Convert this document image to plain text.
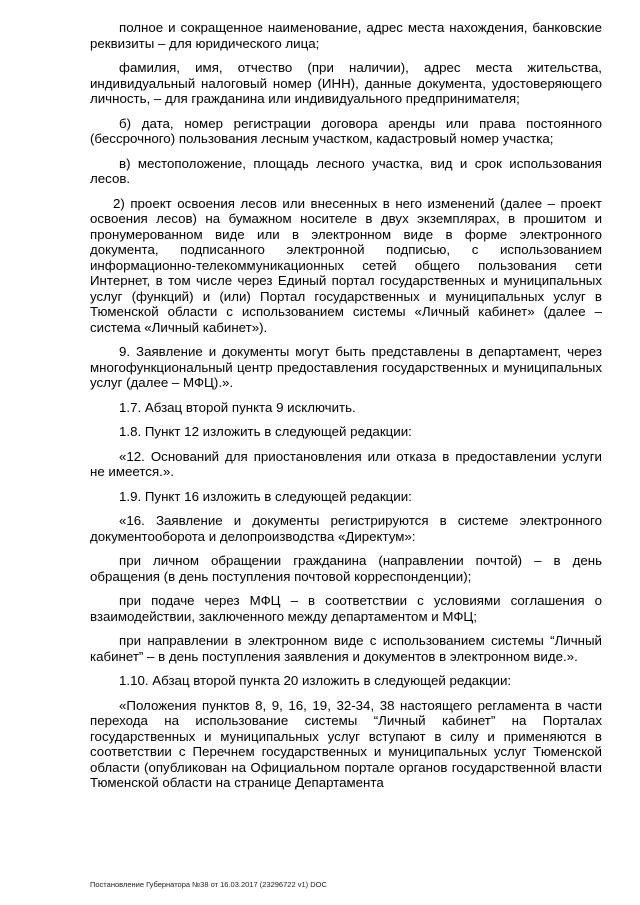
полное и сокращенное наименование, адрес места нахождения, банковские реквизиты – для юридического лица;

фамилия, имя, отчество (при наличии), адрес места жительства, индивидуальный налоговый номер (ИНН), данные документа, удостоверяющего личность, – для гражданина или индивидуального предпринимателя;

б) дата, номер регистрации договора аренды или права постоянного (бессрочного) пользования лесным участком, кадастровый номер участка;

в) местоположение, площадь лесного участка, вид и срок использования лесов.

2) проект освоения лесов или внесенных в него изменений (далее – проект освоения лесов) на бумажном носителе в двух экземплярах, в прошитом и пронумерованном виде или в электронном виде в форме электронного документа, подписанного электронной подписью, с использованием информационно-телекоммуникационных сетей общего пользования сети Интернет, в том числе через Единый портал государственных и муниципальных услуг (функций) и (или) Портал государственных и муниципальных услуг в Тюменской области с использованием системы «Личный кабинет» (далее – система «Личный кабинет»).

9. Заявление и документы могут быть представлены в департамент, через многофункциональный центр предоставления государственных и муниципальных услуг (далее – МФЦ).».

1.7. Абзац второй пункта 9 исключить.

1.8. Пункт 12 изложить в следующей редакции:

«12. Оснований для приостановления или отказа в предоставлении услуги не имеется.».

1.9. Пункт 16 изложить в следующей редакции:

«16. Заявление и документы регистрируются в системе электронного документооборота и делопроизводства «Директум»:

при личном обращении гражданина (направлении почтой) – в день обращения (в день поступления почтовой корреспонденции);

при подаче через МФЦ – в соответствии с условиями соглашения о взаимодействии, заключенного между департаментом и МФЦ;

при направлении в электронном виде с использованием системы “Личный кабинет” – в день поступления заявления и документов в электронном виде.».

1.10. Абзац второй пункта 20 изложить в следующей редакции:

«Положения пунктов 8, 9, 16, 19, 32-34, 38 настоящего регламента в части перехода на использование системы “Личный кабинет” на Порталах государственных и муниципальных услуг вступают в силу и применяются в соответствии с Перечнем государственных и муниципальных услуг Тюменской области (опубликован на Официальном портале органов государственной власти Тюменской области на странице Департамента

Постановление Губернатора №38 от 16.03.2017 (23296722 v1) DOC
